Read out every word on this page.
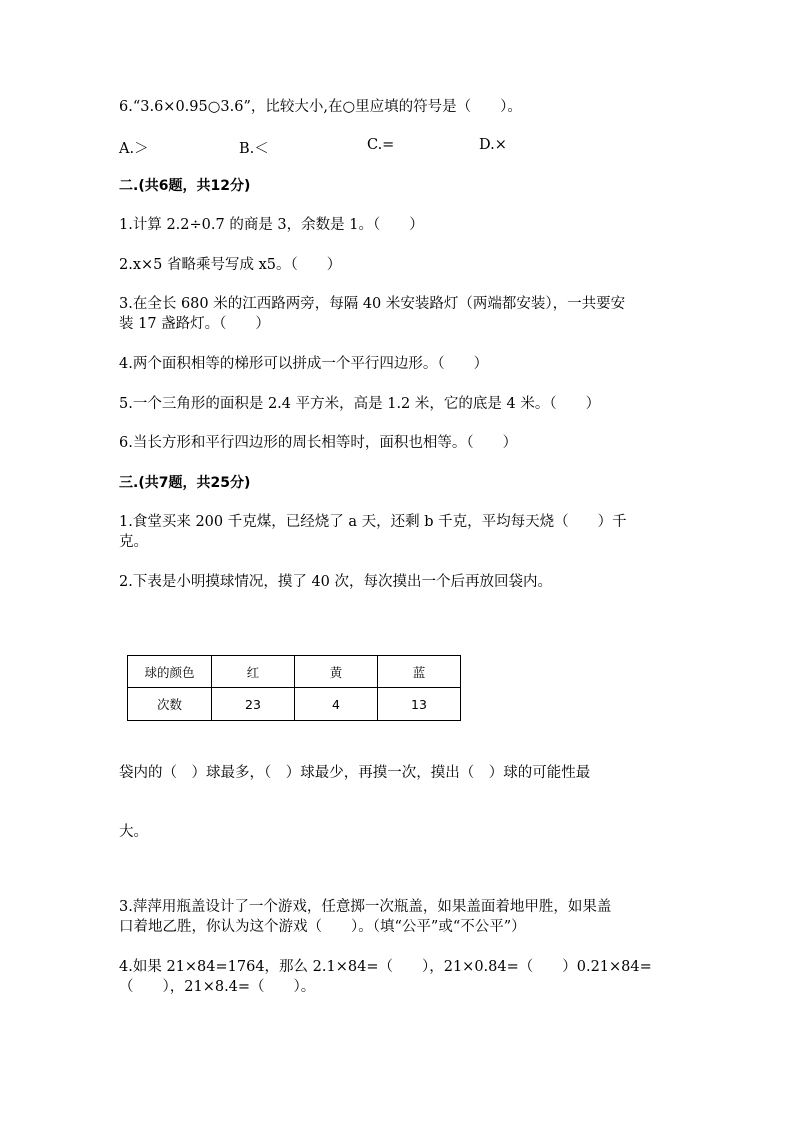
6.“3.6×0.95○3.6”，比较大小,在○里应填的符号是（　　）。
A.＞	B.＜	C.=	D.×
二.(共6题，共12分)
1.计算 2.2÷0.7 的商是 3，余数是 1。（　　）
2.x×5 省略乘号写成 x5。（　　）
3.在全长 680 米的江西路两旁，每隔 40 米安装路灯（两端都安装），一共要安
装 17 盏路灯。（　　）
4.两个面积相等的梯形可以拼成一个平行四边形。（　　）
5.一个三角形的面积是 2.4 平方米，高是 1.2 米，它的底是 4 米。（　　）
6.当长方形和平行四边形的周长相等时，面积也相等。（　　）
三.(共7题，共25分)
1.食堂买来 200 千克煤，已经烧了 a 天，还剩 b 千克，平均每天烧（　　）千
克。
2.下表是小明摸球情况，摸了 40 次，每次摸出一个后再放回袋内。
球的颜色	红	黄	蓝
次数	23	4	13
袋内的（　）球最多，（　）球最少，再摸一次，摸出（　）球的可能性最
大。
3.萍萍用瓶盖设计了一个游戏，任意掷一次瓶盖，如果盖面着地甲胜，如果盖
口着地乙胜，你认为这个游戏（　　）。（填“公平”或“不公平”）
4.如果 21×84=1764，那么 2.1×84=（　　），21×0.84=（　　）0.21×84=
（　　），21×8.4=（　　）。
